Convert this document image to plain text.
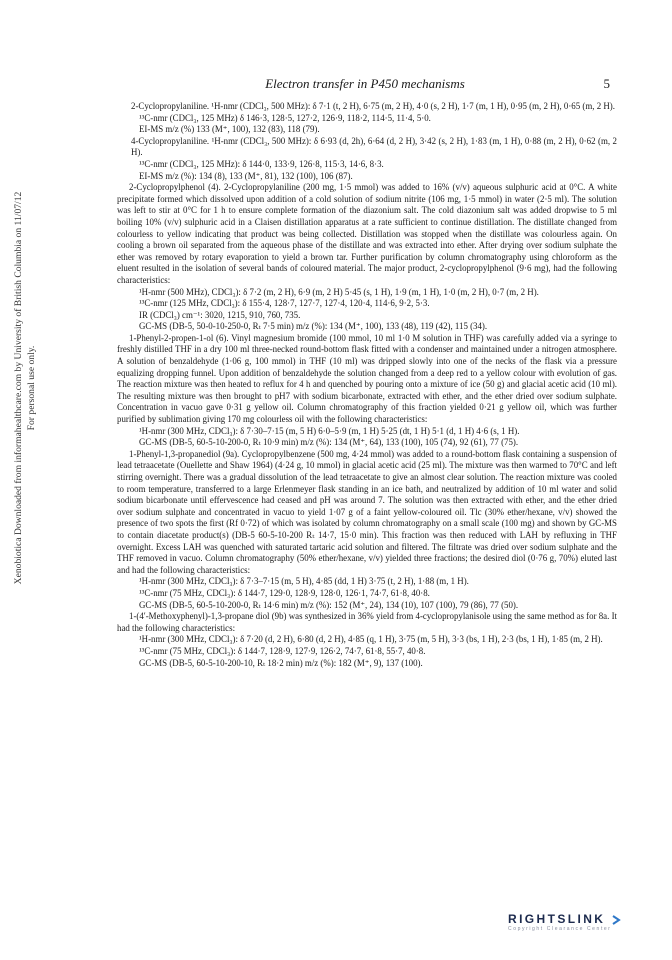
Electron transfer in P450 mechanisms	5
Xenobiotica Downloaded from informahealthcare.com by University of British Columbia on 11/07/12 For personal use only.

2-Cyclopropylaniline. ¹H-nmr (CDCl₃, 500 MHz): δ 7·1 (t, 2 H), 6·75 (m, 2 H), 4·0 (s, 2 H), 1·7 (m, 1 H), 0·95 (m, 2 H), 0·65 (m, 2 H).

¹³C-nmr (CDCl₃, 125 MHz) δ 146·3, 128·5, 127·2, 126·9, 118·2, 114·5, 11·4, 5·0.

EI-MS m/z (%) 133 (M⁺, 100), 132 (83), 118 (79).

4-Cyclopropylaniline. ¹H-nmr (CDCl₃, 500 MHz): δ 6·93 (d, 2h), 6·64 (d, 2 H), 3·42 (s, 2 H), 1·83 (m, 1 H), 0·88 (m, 2 H), 0·62 (m, 2 H).

¹³C-nmr (CDCl₃, 125 MHz): δ 144·0, 133·9, 126·8, 115·3, 14·6, 8·3.

EI-MS m/z (%): 134 (8), 133 (M⁺, 81), 132 (100), 106 (87).

2-Cyclopropylphenol (4). 2-Cyclopropylaniline (200 mg, 1·5 mmol) was added to 16% (v/v) aqueous sulphuric acid at 0°C. A white precipitate formed which dissolved upon addition of a cold solution of sodium nitrite (106 mg, 1·5 mmol) in water (2·5 ml). The solution was left to stir at 0°C for 1 h to ensure complete formation of the diazonium salt. The cold diazonium salt was added dropwise to 5 ml boiling 10% (v/v) sulphuric acid in a Claisen distillation apparatus at a rate sufficient to continue distillation. The distillate changed from colourless to yellow indicating that product was being collected. Distillation was stopped when the distillate was colourless again. On cooling a brown oil separated from the aqueous phase of the distillate and was extracted into ether. After drying over sodium sulphate the ether was removed by rotary evaporation to yield a brown tar. Further purification by column chromatography using chloroform as the eluent resulted in the isolation of several bands of coloured material. The major product, 2-cyclopropylphenol (9·6 mg), had the following characteristics:

¹H-nmr (500 MHz), CDCl₃): δ 7·2 (m, 2 H), 6·9 (m, 2 H) 5·45 (s, 1 H), 1·9 (m, 1 H), 1·0 (m, 2 H), 0·7 (m, 2 H).

¹³C-nmr (125 MHz, CDCl₃): δ 155·4, 128·7, 127·7, 127·4, 120·4, 114·6, 9·2, 5·3.

IR (CDCl₃) cm⁻¹: 3020, 1215, 910, 760, 735.

GC-MS (DB-5, 50-0-10-250-0, Rₜ 7·5 min) m/z (%): 134 (M⁺, 100), 133 (48), 119 (42), 115 (34).

1-Phenyl-2-propen-1-ol (6). Vinyl magnesium bromide (100 mmol, 10 ml 1·0 M solution in THF) was carefully added via a syringe to freshly distilled THF in a dry 100 ml three-necked round-bottom flask fitted with a condenser and maintained under a nitrogen atmosphere. A solution of benzaldehyde (1·06 g, 100 mmol) in THF (10 ml) was dripped slowly into one of the necks of the flask via a pressure equalizing dropping funnel. Upon addition of benzaldehyde the solution changed from a deep red to a yellow colour with evolution of gas. The reaction mixture was then heated to reflux for 4 h and quenched by pouring onto a mixture of ice (50 g) and glacial acetic acid (10 ml). The resulting mixture was then brought to pH7 with sodium bicarbonate, extracted with ether, and the ether dried over sodium sulphate. Concentration in vacuo gave 0·31 g yellow oil. Column chromatography of this fraction yielded 0·21 g yellow oil, which was further purified by sublimation giving 170 mg colourless oil with the following characteristics:

¹H-nmr (300 MHz, CDCl₃): δ 7·30–7·15 (m, 5 H) 6·0–5·9 (m, 1 H) 5·25 (dt, 1 H) 5·1 (d, 1 H) 4·6 (s, 1 H).

GC-MS (DB-5, 60-5-10-200-0, Rₜ 10·9 min) m/z (%): 134 (M⁺, 64), 133 (100), 105 (74), 92 (61), 77 (75).

1-Phenyl-1,3-propanediol (9a). Cyclopropylbenzene (500 mg, 4·24 mmol) was added to a round-bottom flask containing a suspension of lead tetraacetate (Ouellette and Shaw 1964) (4·24 g, 10 mmol) in glacial acetic acid (25 ml). The mixture was then warmed to 70°C and left stirring overnight. There was a gradual dissolution of the lead tetraacetate to give an almost clear solution. The reaction mixture was cooled to room temperature, transferred to a large Erlenmeyer flask standing in an ice bath, and neutralized by addition of 10 ml water and solid sodium bicarbonate until effervescence had ceased and pH was around 7. The solution was then extracted with ether, and the ether dried over sodium sulphate and concentrated in vacuo to yield 1·07 g of a faint yellow-coloured oil. Tlc (30% ether/hexane, v/v) showed the presence of two spots the first (Rf 0·72) of which was isolated by column chromatography on a small scale (100 mg) and shown by GC-MS to contain diacetate product(s) (DB-5 60-5-10-200 Rₜ 14·7, 15·0 min). This fraction was then reduced with LAH by refluxing in THF overnight. Excess LAH was quenched with saturated tartaric acid solution and filtered. The filtrate was dried over sodium sulphate and the THF removed in vacuo. Column chromatography (50% ether/hexane, v/v) yielded three fractions; the desired diol (0·76 g, 70%) eluted last and had the following characteristics:

¹H-nmr (300 MHz, CDCl₃): δ 7·3–7·15 (m, 5 H), 4·85 (dd, 1 H) 3·75 (t, 2 H), 1·88 (m, 1 H).

¹³C-nmr (75 MHz, CDCl₃): δ 144·7, 129·0, 128·9, 128·0, 126·1, 74·7, 61·8, 40·8.

GC-MS (DB-5, 60-5-10-200-0, Rₜ 14·6 min) m/z (%): 152 (M⁺, 24), 134 (10), 107 (100), 79 (86), 77 (50).

1-(4′-Methoxyphenyl)-1,3-propane diol (9b) was synthesized in 36% yield from 4-cyclopropylanisole using the same method as for 8a. It had the following characteristics:

¹H-nmr (300 MHz, CDCl₃): δ 7·20 (d, 2 H), 6·80 (d, 2 H), 4·85 (q, 1 H), 3·75 (m, 5 H), 3·3 (bs, 1 H), 2·3 (bs, 1 H), 1·85 (m, 2 H).

¹³C-nmr (75 MHz, CDCl₃): δ 144·7, 128·9, 127·9, 126·2, 74·7, 61·8, 55·7, 40·8.

GC-MS (DB-5, 60-5-10-200-10, Rₜ 18·2 min) m/z (%): 182 (M⁺, 9), 137 (100).

RIGHTSLINK
Copyright Clearance Center
